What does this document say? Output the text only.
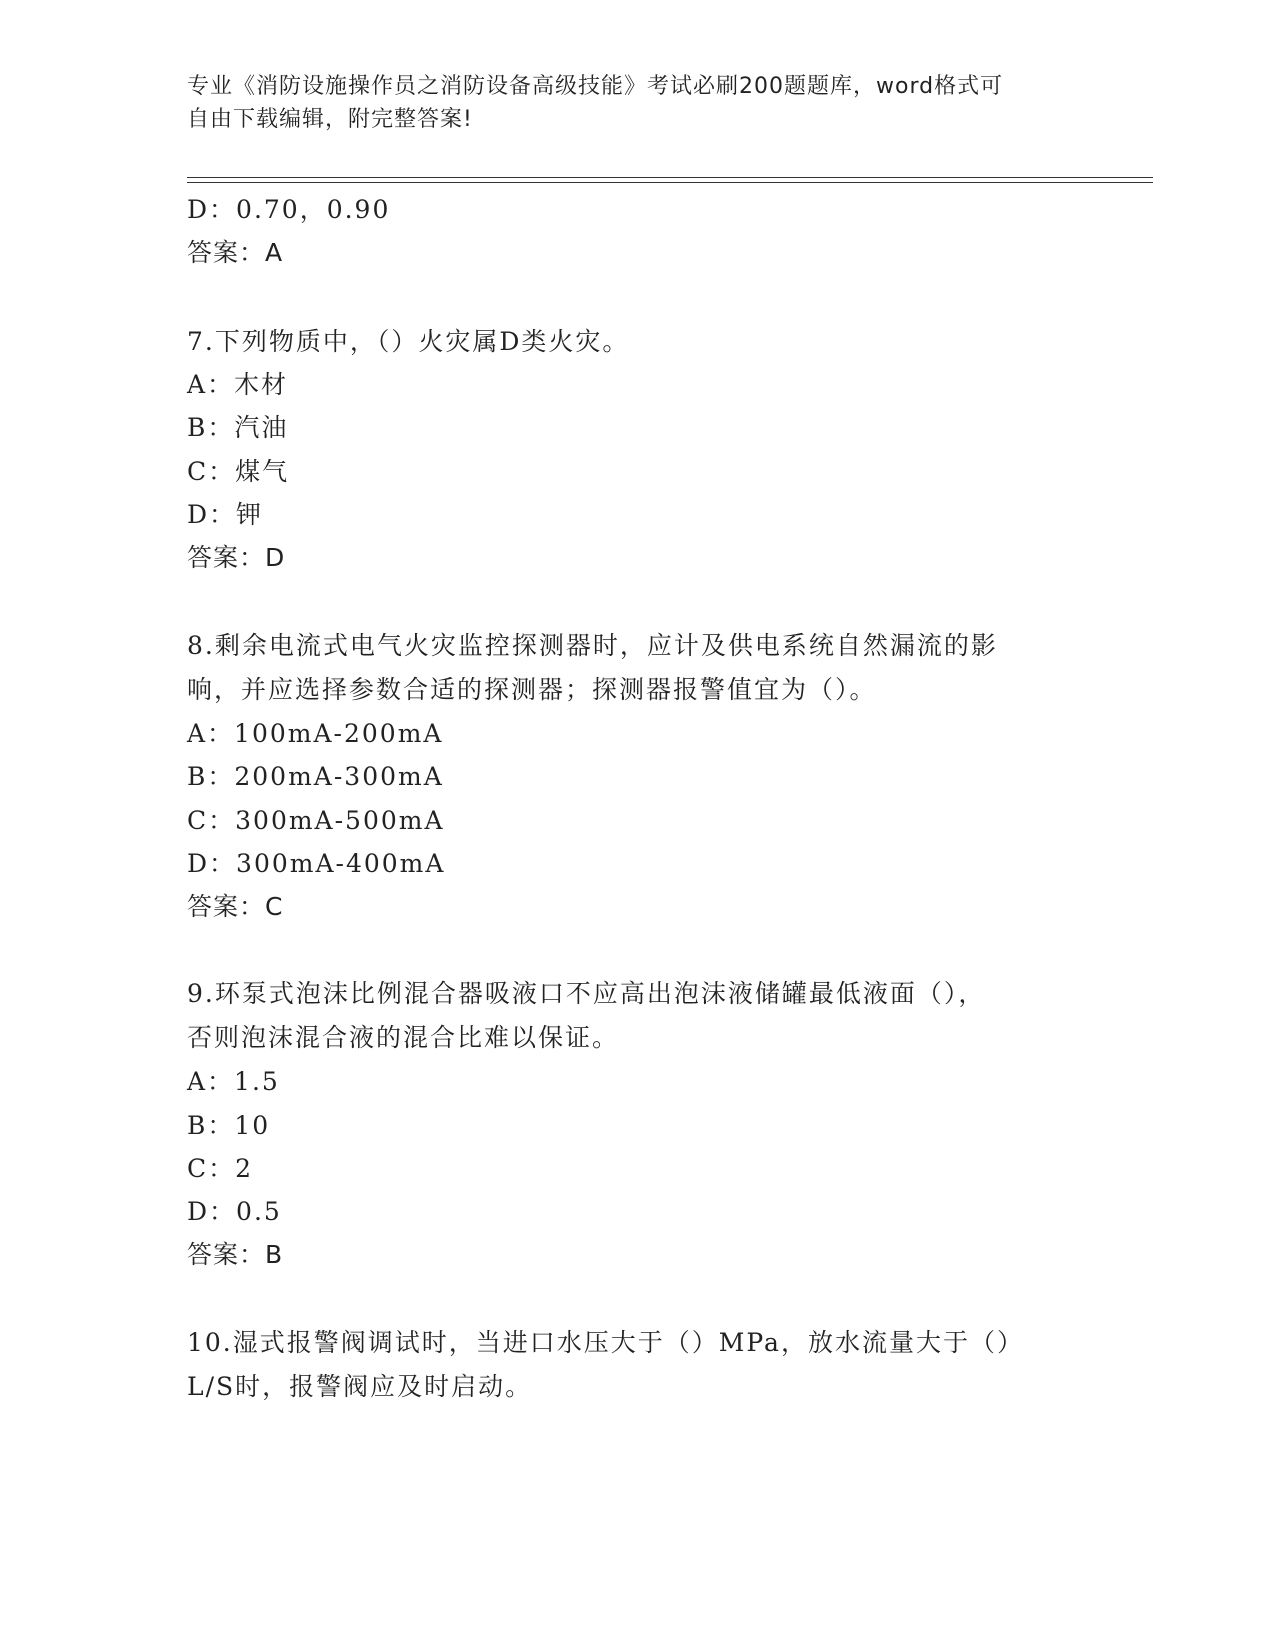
专业《消防设施操作员之消防设备高级技能》考试必刷200题题库，word格式可
自由下载编辑，附完整答案!
D：0.70，0.90
答案：A
7.下列物质中，（）火灾属D类火灾。
A：木材
B：汽油
C：煤气
D：钾
答案：D
8.剩余电流式电气火灾监控探测器时，应计及供电系统自然漏流的影
响，并应选择参数合适的探测器；探测器报警值宜为（）。
A：100mA-200mA
B：200mA-300mA
C：300mA-500mA
D：300mA-400mA
答案：C
9.环泵式泡沫比例混合器吸液口不应高出泡沫液储罐最低液面（），
否则泡沫混合液的混合比难以保证。
A：1.5
B：10
C：2
D：0.5
答案：B
10.湿式报警阀调试时，当进口水压大于（）MPa，放水流量大于（）
L/S时，报警阀应及时启动。
